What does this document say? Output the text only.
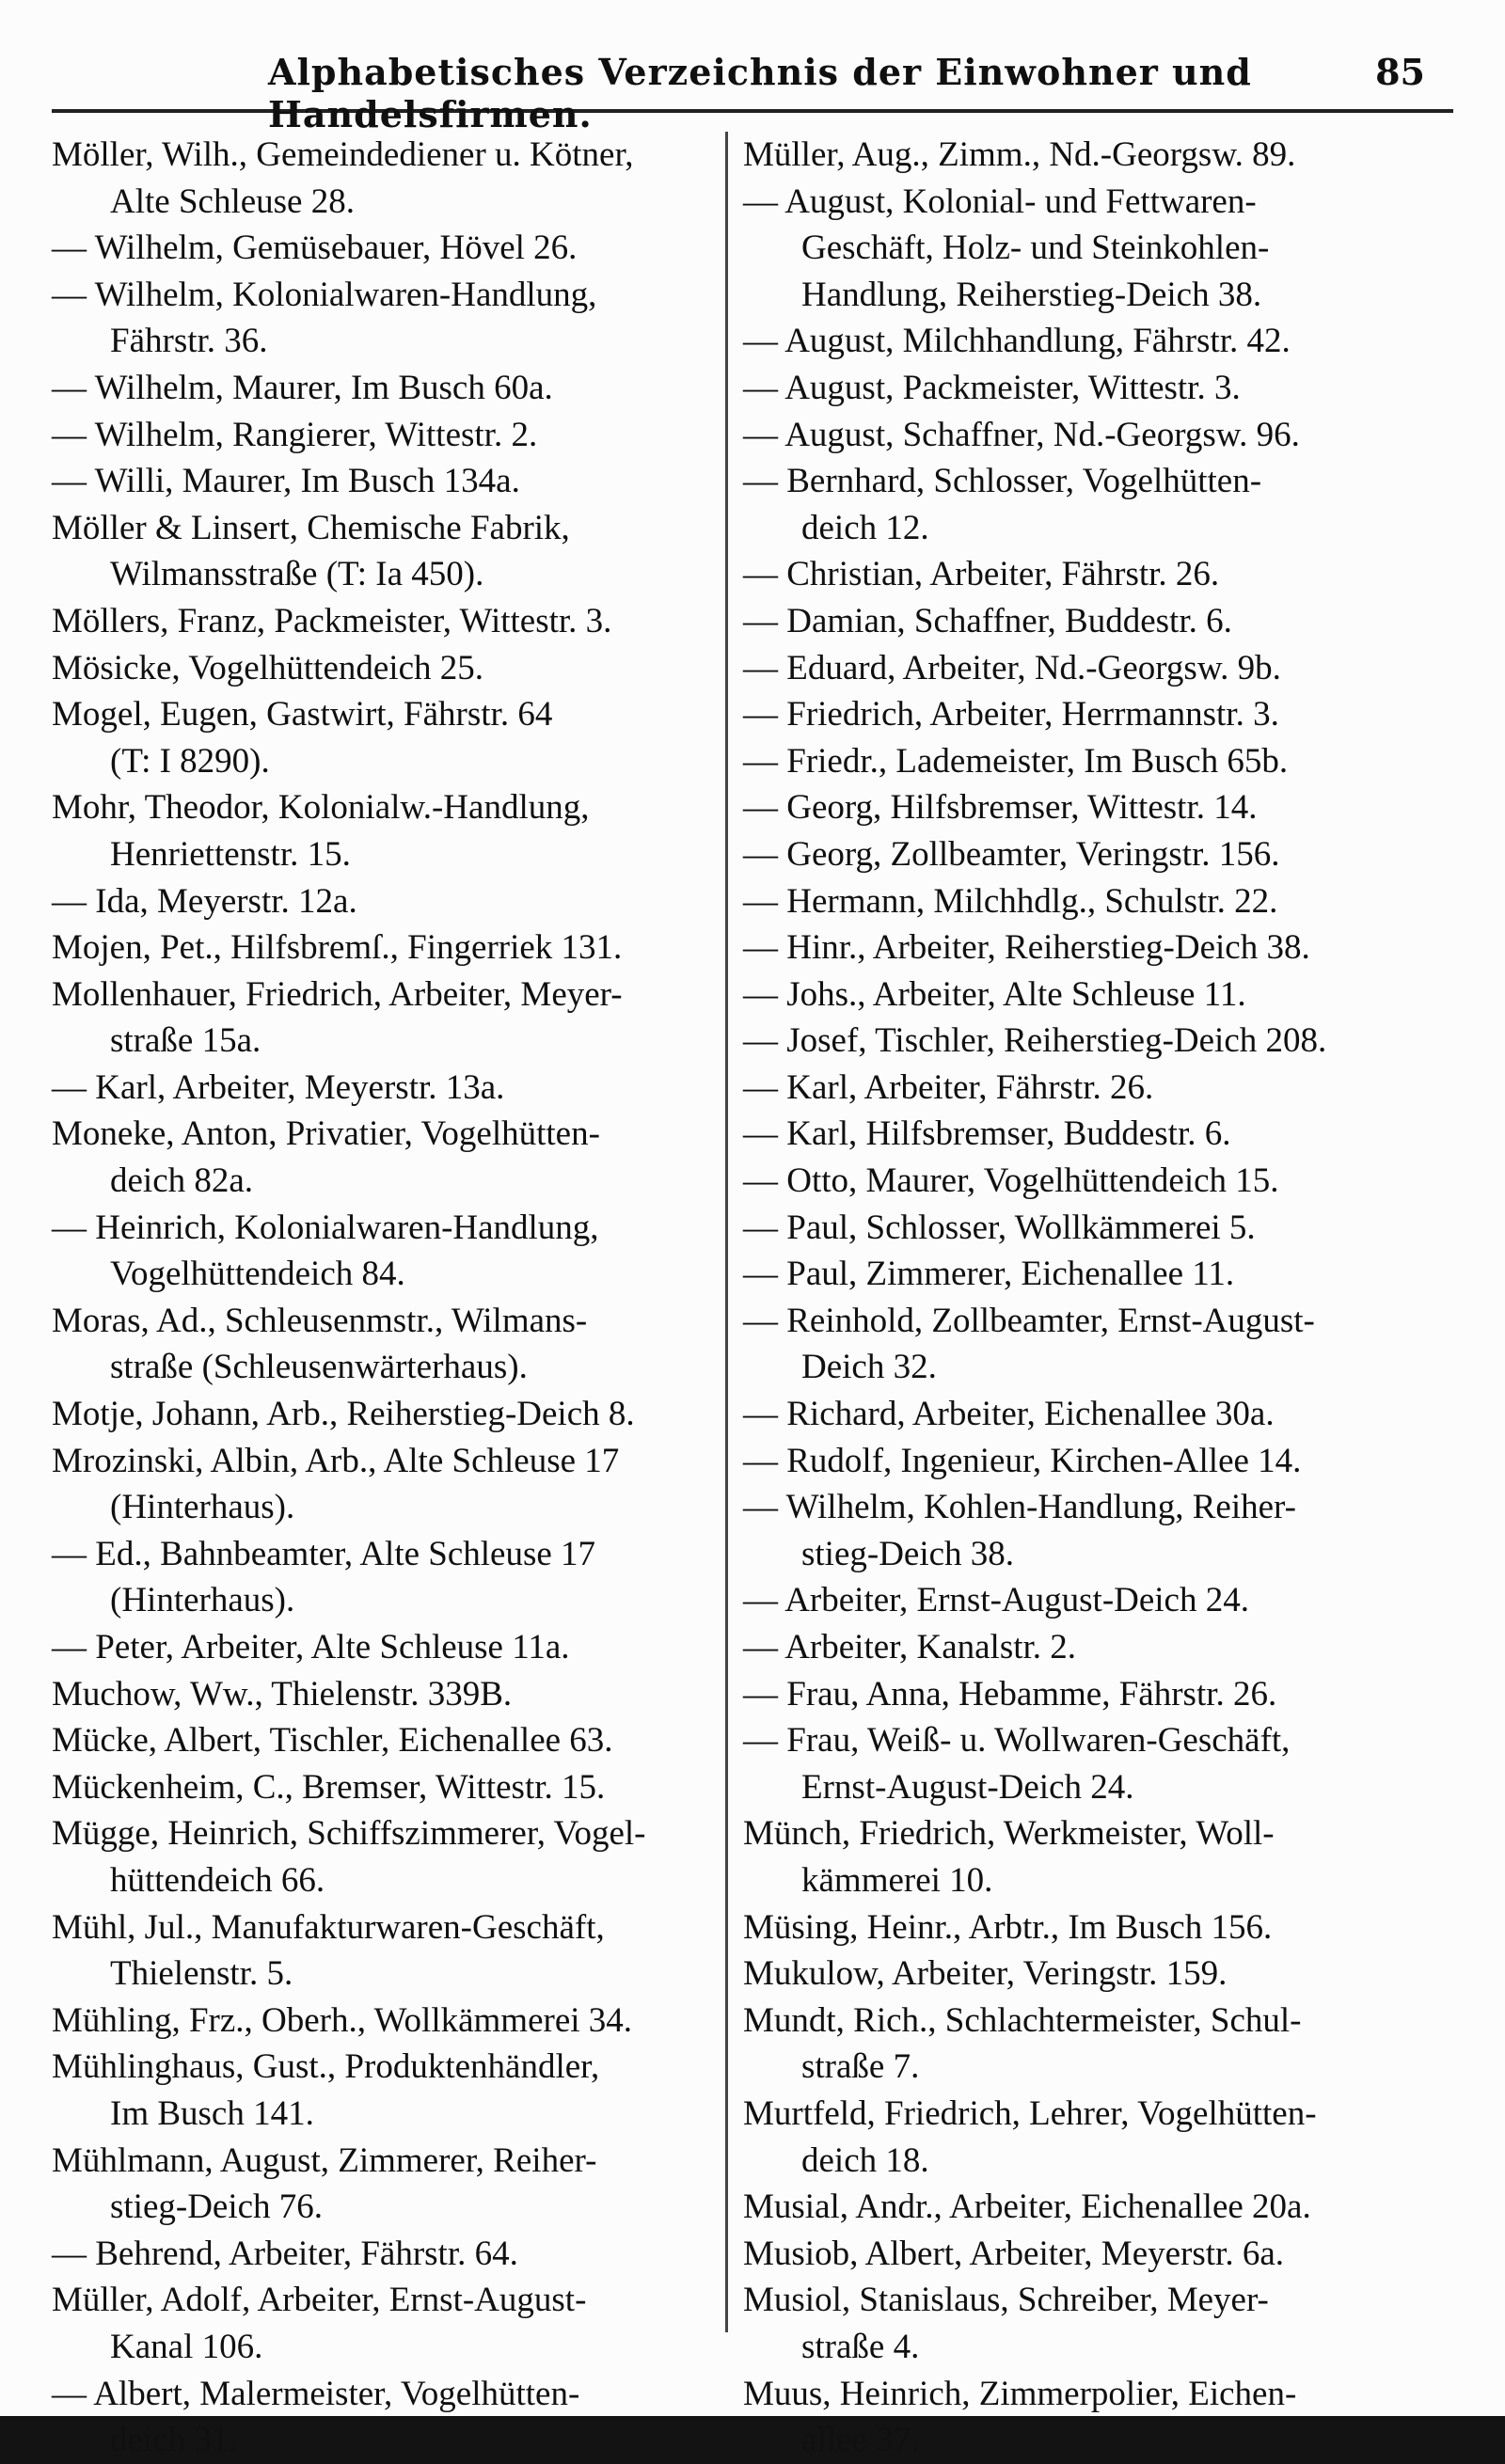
Alphabetisches Verzeichnis der Einwohner und Handelsfirmen.
85
Möller, Wilh., Gemeindediener u. Kötner,
Alte Schleuse 28.
— Wilhelm, Gemüsebauer, Hövel 26.
— Wilhelm, Kolonialwaren-Handlung,
Fährstr. 36.
— Wilhelm, Maurer, Im Busch 60a.
— Wilhelm, Rangierer, Wittestr. 2.
— Willi, Maurer, Im Busch 134a.
Möller & Linsert, Chemische Fabrik,
Wilmansstraße (T: Ia 450).
Möllers, Franz, Packmeister, Wittestr. 3.
Mösicke, Vogelhüttendeich 25.
Mogel, Eugen, Gastwirt, Fährstr. 64
(T: I 8290).
Mohr, Theodor, Kolonialw.-Handlung,
Henriettenstr. 15.
— Ida, Meyerstr. 12a.
Mojen, Pet., Hilfsbremſ., Fingerriek 131.
Mollenhauer, Friedrich, Arbeiter, Meyer-
straße 15a.
— Karl, Arbeiter, Meyerstr. 13a.
Moneke, Anton, Privatier, Vogelhütten-
deich 82a.
— Heinrich, Kolonialwaren-Handlung,
Vogelhüttendeich 84.
Moras, Ad., Schleusenmstr., Wilmans-
straße (Schleusenwärterhaus).
Motje, Johann, Arb., Reiherstieg-Deich 8.
Mrozinski, Albin, Arb., Alte Schleuse 17
(Hinterhaus).
— Ed., Bahnbeamter, Alte Schleuse 17
(Hinterhaus).
— Peter, Arbeiter, Alte Schleuse 11a.
Muchow, Ww., Thielenstr. 339B.
Mücke, Albert, Tischler, Eichenallee 63.
Mückenheim, C., Bremser, Wittestr. 15.
Mügge, Heinrich, Schiffszimmerer, Vogel-
hüttendeich 66.
Mühl, Jul., Manufakturwaren-Geschäft,
Thielenstr. 5.
Mühling, Frz., Oberh., Wollkämmerei 34.
Mühlinghaus, Gust., Produktenhändler,
Im Busch 141.
Mühlmann, August, Zimmerer, Reiher-
stieg-Deich 76.
— Behrend, Arbeiter, Fährstr. 64.
Müller, Adolf, Arbeiter, Ernst-August-
Kanal 106.
— Albert, Malermeister, Vogelhütten-
deich 31.
Müller, Aug., Zimm., Nd.-Georgsw. 89.
— August, Kolonial- und Fettwaren-
Geschäft, Holz- und Steinkohlen-
Handlung, Reiherstieg-Deich 38.
— August, Milchhandlung, Fährstr. 42.
— August, Packmeister, Wittestr. 3.
— August, Schaffner, Nd.-Georgsw. 96.
— Bernhard, Schlosser, Vogelhütten-
deich 12.
— Christian, Arbeiter, Fährstr. 26.
— Damian, Schaffner, Buddestr. 6.
— Eduard, Arbeiter, Nd.-Georgsw. 9b.
— Friedrich, Arbeiter, Herrmannstr. 3.
— Friedr., Lademeister, Im Busch 65b.
— Georg, Hilfsbremser, Wittestr. 14.
— Georg, Zollbeamter, Veringstr. 156.
— Hermann, Milchhdlg., Schulstr. 22.
— Hinr., Arbeiter, Reiherstieg-Deich 38.
— Johs., Arbeiter, Alte Schleuse 11.
— Josef, Tischler, Reiherstieg-Deich 208.
— Karl, Arbeiter, Fährstr. 26.
— Karl, Hilfsbremser, Buddestr. 6.
— Otto, Maurer, Vogelhüttendeich 15.
— Paul, Schlosser, Wollkämmerei 5.
— Paul, Zimmerer, Eichenallee 11.
— Reinhold, Zollbeamter, Ernst-August-
Deich 32.
— Richard, Arbeiter, Eichenallee 30a.
— Rudolf, Ingenieur, Kirchen-Allee 14.
— Wilhelm, Kohlen-Handlung, Reiher-
stieg-Deich 38.
— Arbeiter, Ernst-August-Deich 24.
— Arbeiter, Kanalstr. 2.
— Frau, Anna, Hebamme, Fährstr. 26.
— Frau, Weiß- u. Wollwaren-Geschäft,
Ernst-August-Deich 24.
Münch, Friedrich, Werkmeister, Woll-
kämmerei 10.
Müsing, Heinr., Arbtr., Im Busch 156.
Mukulow, Arbeiter, Veringstr. 159.
Mundt, Rich., Schlachtermeister, Schul-
straße 7.
Murtfeld, Friedrich, Lehrer, Vogelhütten-
deich 18.
Musial, Andr., Arbeiter, Eichenallee 20a.
Musiob, Albert, Arbeiter, Meyerstr. 6a.
Musiol, Stanislaus, Schreiber, Meyer-
straße 4.
Muus, Heinrich, Zimmerpolier, Eichen-
allee 37.
